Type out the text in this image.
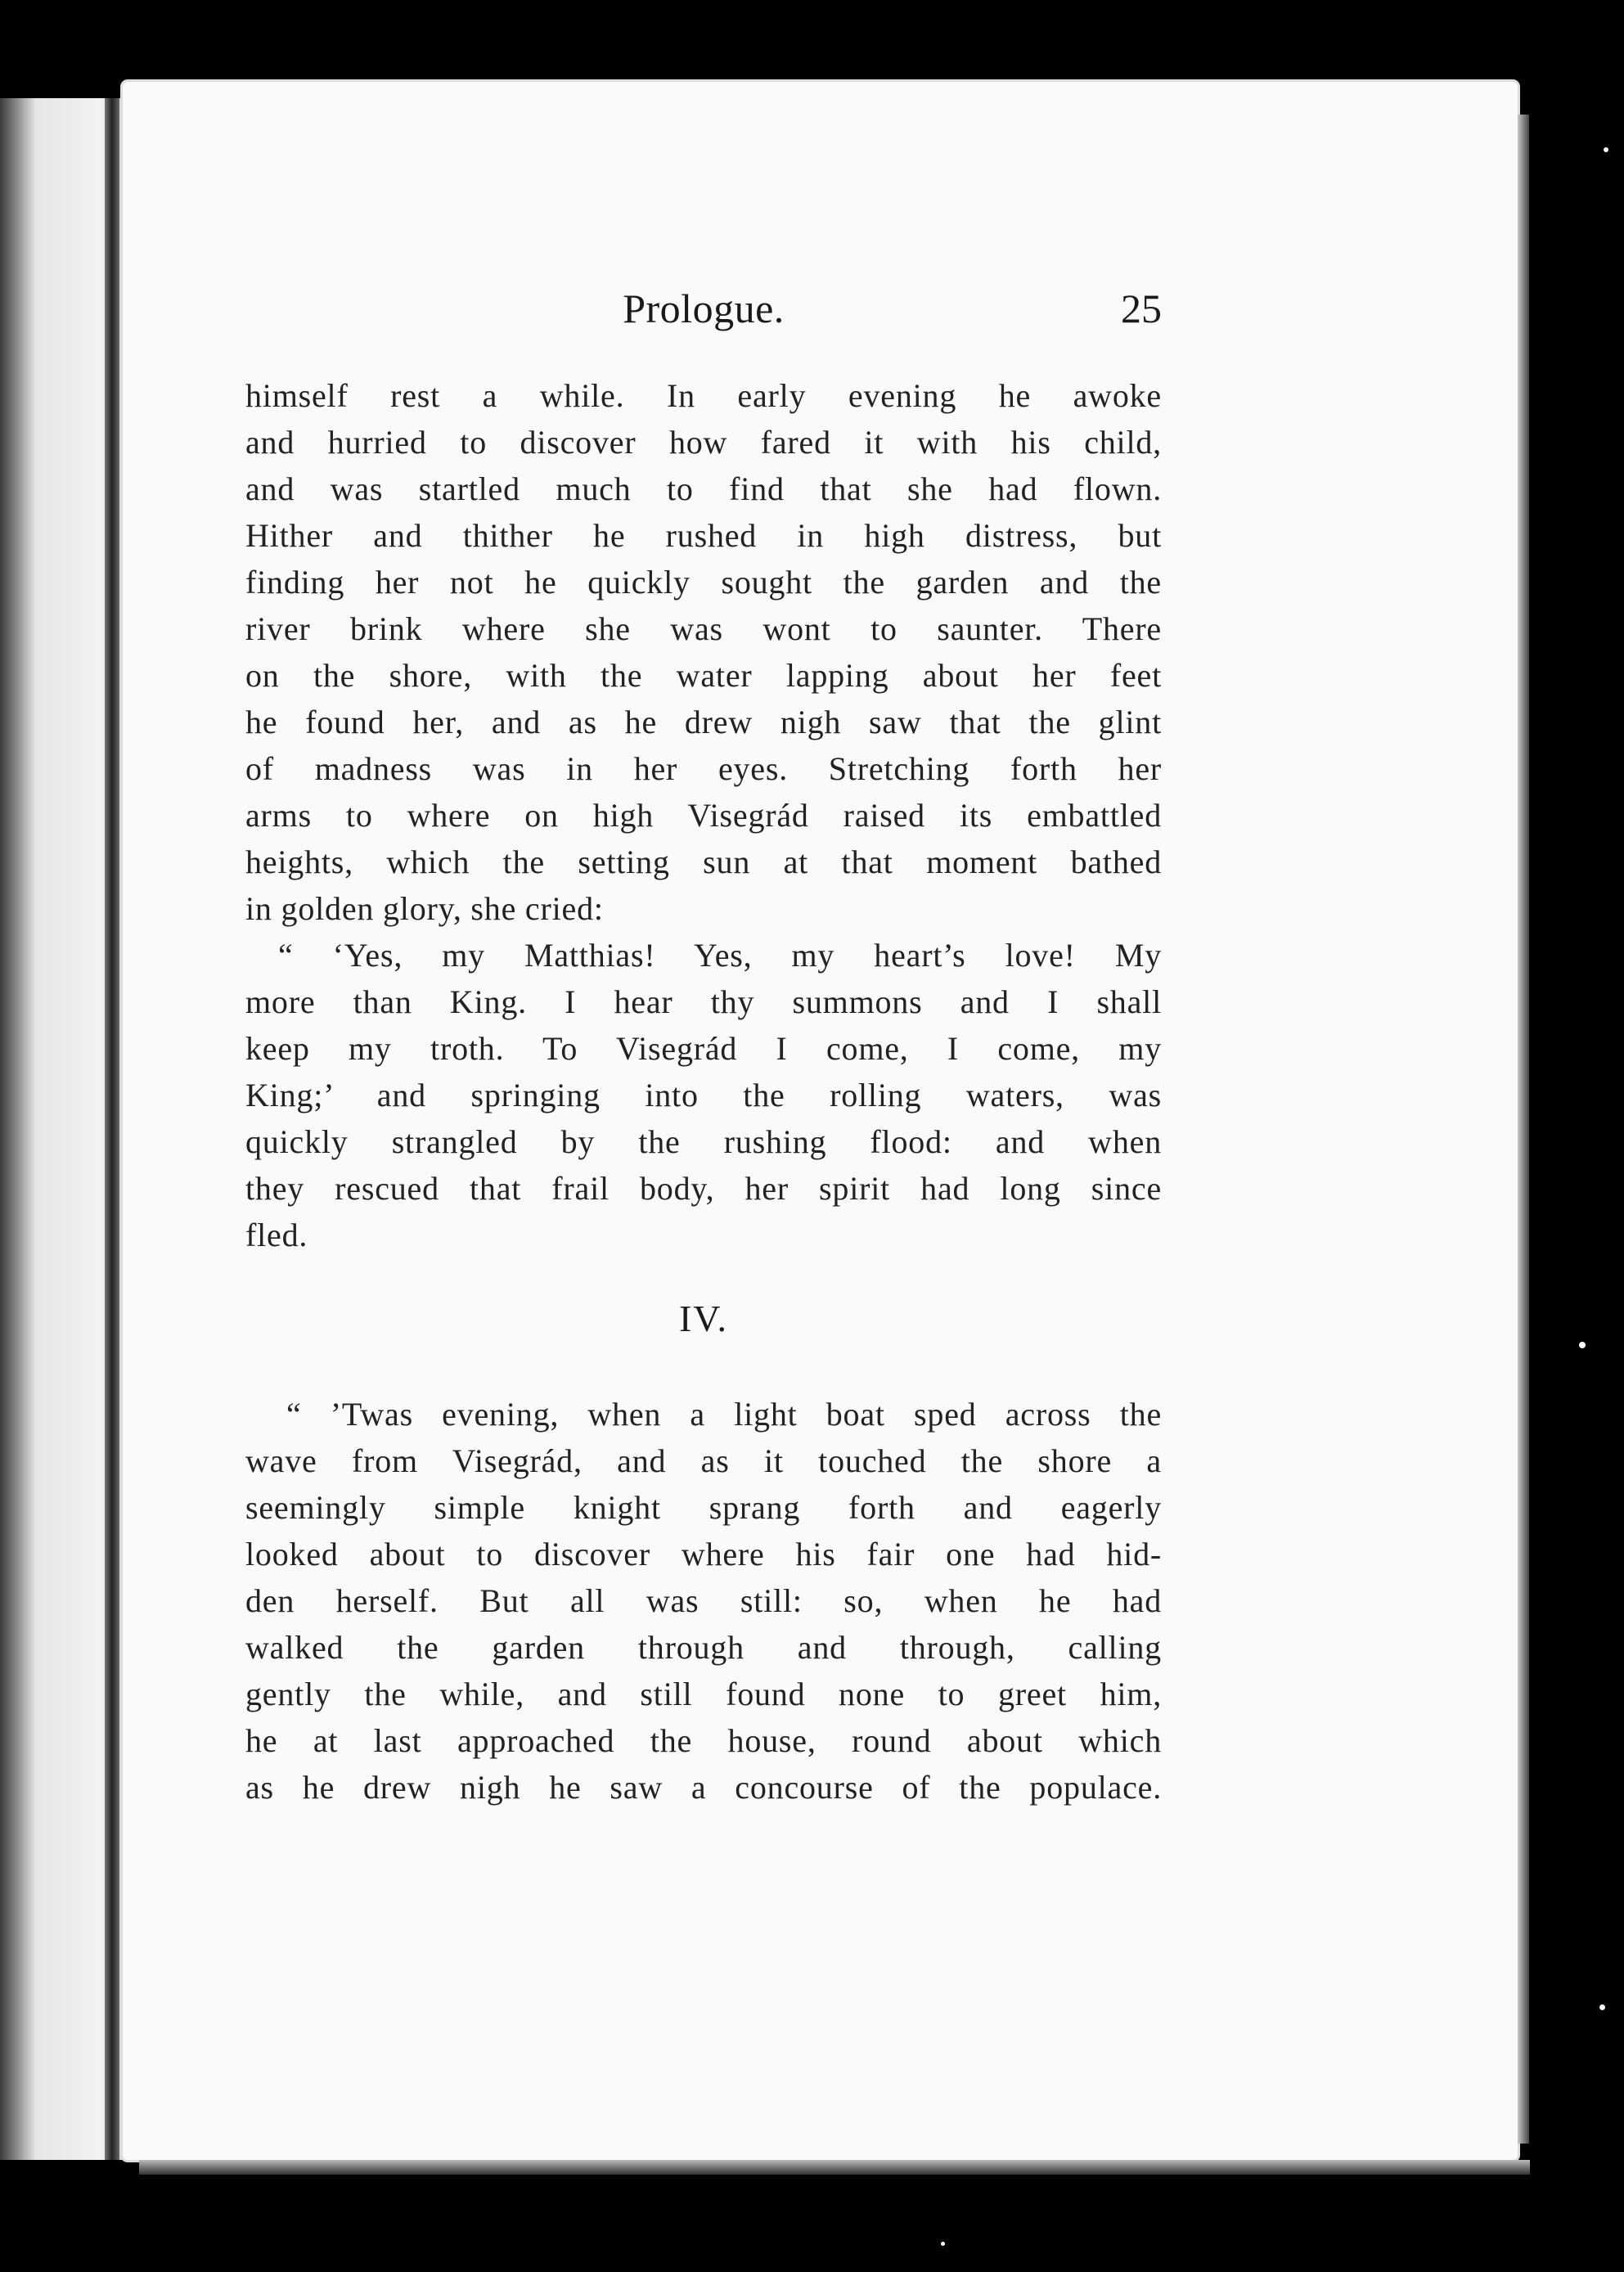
Prologue.	25
himself rest a while. In early evening he awoke
and hurried to discover how fared it with his child,
and was startled much to find that she had flown.
Hither and thither he rushed in high distress, but
finding her not he quickly sought the garden and the
river brink where she was wont to saunter. There
on the shore, with the water lapping about her feet
he found her, and as he drew nigh saw that the glint
of madness was in her eyes. Stretching forth her
arms to where on high Visegrád raised its embattled
heights, which the setting sun at that moment bathed
in golden glory, she cried:
“ ‘Yes, my Matthias! Yes, my heart’s love! My
more than King. I hear thy summons and I shall
keep my troth. To Visegrád I come, I come, my
King;’ and springing into the rolling waters, was
quickly strangled by the rushing flood: and when
they rescued that frail body, her spirit had long since
fled.
IV.
“ ’Twas evening, when a light boat sped across the
wave from Visegrád, and as it touched the shore a
seemingly simple knight sprang forth and eagerly
looked about to discover where his fair one had hid-
den herself. But all was still: so, when he had
walked the garden through and through, calling
gently the while, and still found none to greet him,
he at last approached the house, round about which
as he drew nigh he saw a concourse of the populace.
